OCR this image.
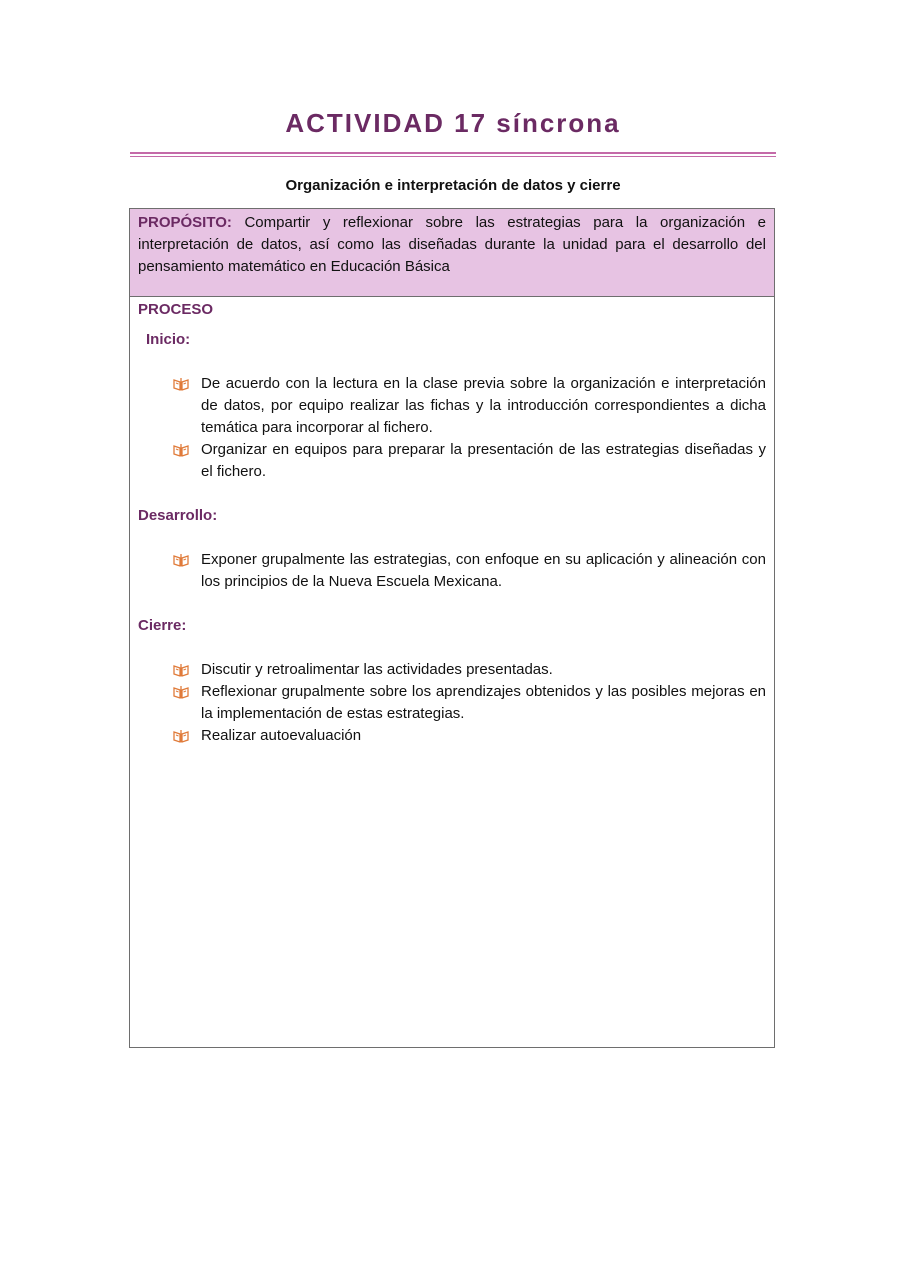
ACTIVIDAD 17 síncrona
Organización e interpretación de datos y cierre
PROPÓSITO: Compartir y reflexionar sobre las estrategias para la organización e interpretación de datos, así como las diseñadas durante la unidad para el desarrollo del pensamiento matemático en Educación Básica
PROCESO
Inicio:
De acuerdo con la lectura en la clase previa sobre la organización e interpretación de datos, por equipo realizar las fichas y la introducción correspondientes a dicha temática para incorporar al fichero.
Organizar en equipos para preparar la presentación de las estrategias diseñadas y el fichero.
Desarrollo:
Exponer grupalmente las estrategias, con enfoque en su aplicación y alineación con los principios de la Nueva Escuela Mexicana.
Cierre:
Discutir y retroalimentar las actividades presentadas.
Reflexionar grupalmente sobre los aprendizajes obtenidos y las posibles mejoras en la implementación de estas estrategias.
Realizar autoevaluación
